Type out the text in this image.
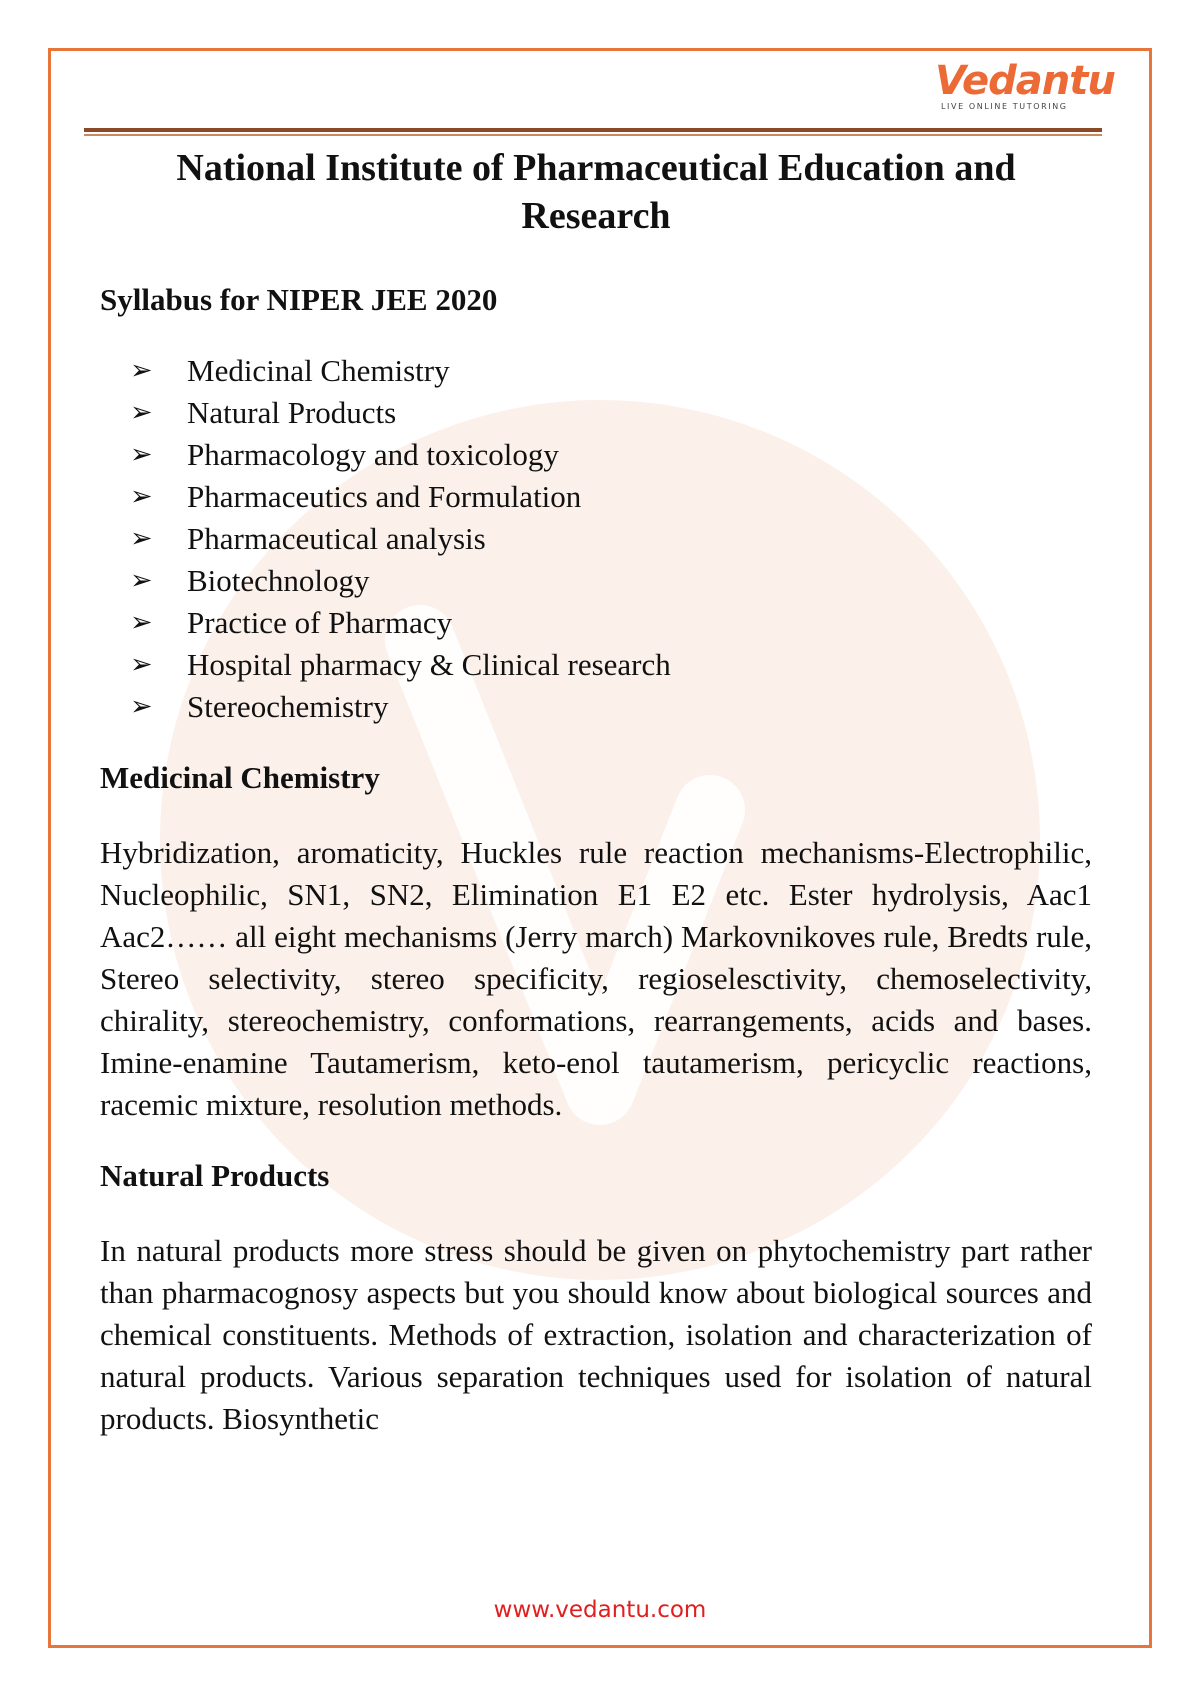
Vedantu
LIVE ONLINE TUTORING
National Institute of Pharmaceutical Education and Research
Syllabus for NIPER JEE 2020
➢ Medicinal Chemistry
➢ Natural Products
➢ Pharmacology and toxicology
➢ Pharmaceutics and Formulation
➢ Pharmaceutical analysis
➢ Biotechnology
➢ Practice of Pharmacy
➢ Hospital pharmacy & Clinical research
➢ Stereochemistry
Medicinal Chemistry

Hybridization, aromaticity, Huckles rule reaction mechanisms-Electrophilic, Nucleophilic, SN1, SN2, Elimination E1 E2 etc. Ester hydrolysis, Aac1 Aac2…… all eight mechanisms (Jerry march) Markovnikoves rule, Bredts rule, Stereo selectivity, stereo specificity, regioselesctivity, chemoselectivity, chirality, stereochemistry, conformations, rearrangements, acids and bases. Imine-enamine Tautamerism, keto-enol tautamerism, pericyclic reactions, racemic mixture, resolution methods.

Natural Products

In natural products more stress should be given on phytochemistry part rather than pharmacognosy aspects but you should know about biological sources and chemical constituents. Methods of extraction, isolation and characterization of natural products. Various separation techniques used for isolation of natural products. Biosynthetic

www.vedantu.com
